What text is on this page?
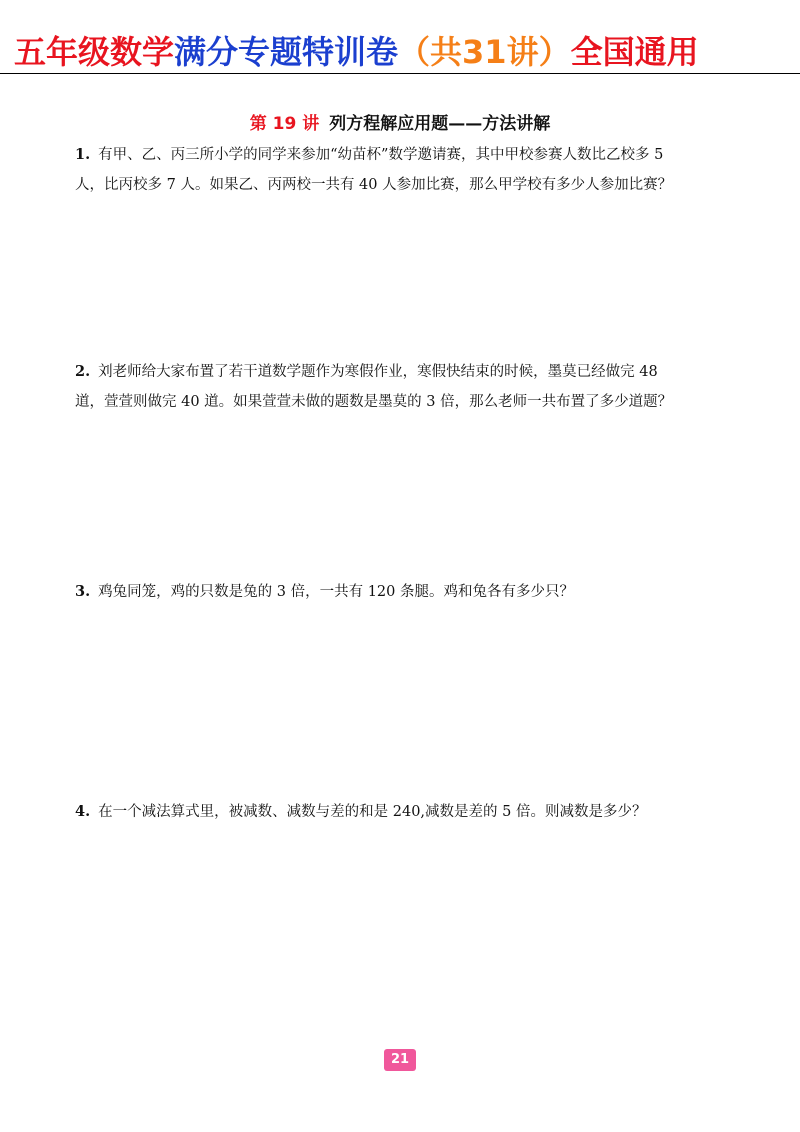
五年级数学满分专题特训卷（共31讲）全国通用
第 19 讲 列方程解应用题——方法讲解

1. 有甲、乙、丙三所小学的同学来参加“幼苗杯”数学邀请赛，其中甲校参赛人数比乙校多 5

人，比丙校多 7 人。如果乙、丙两校一共有 40 人参加比赛，那么甲学校有多少人参加比赛？

2. 刘老师给大家布置了若干道数学题作为寒假作业，寒假快结束的时候，墨莫已经做完 48

道，萱萱则做完 40 道。如果萱萱未做的题数是墨莫的 3 倍，那么老师一共布置了多少道题？

3. 鸡兔同笼，鸡的只数是兔的 3 倍，一共有 120 条腿。鸡和兔各有多少只？

4. 在一个减法算式里，被减数、减数与差的和是 240,减数是差的 5 倍。则减数是多少？

21
